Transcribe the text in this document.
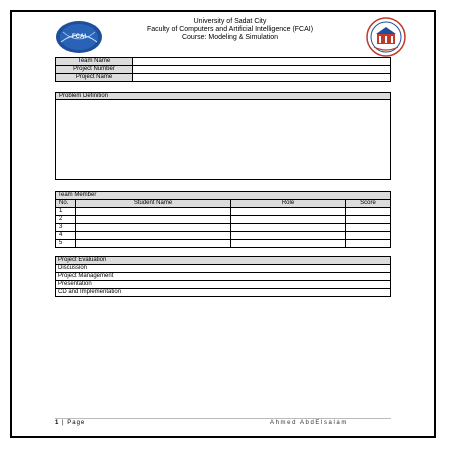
FCAI
University of Sadat City
Faculty of Computers and Artificial Intelligence (FCAI)
Course: Modeling & Simulation
Team Name	
Project Number	
Project Name	
Problem Definition
Team Member			
No.	Student Name	Role	Score
1			
2			
3			
4			
5			
Project Evaluation
Discussion
Project Management
Presentation
CD and Implementation
1 | Page	Ahmed AbdElsalam
